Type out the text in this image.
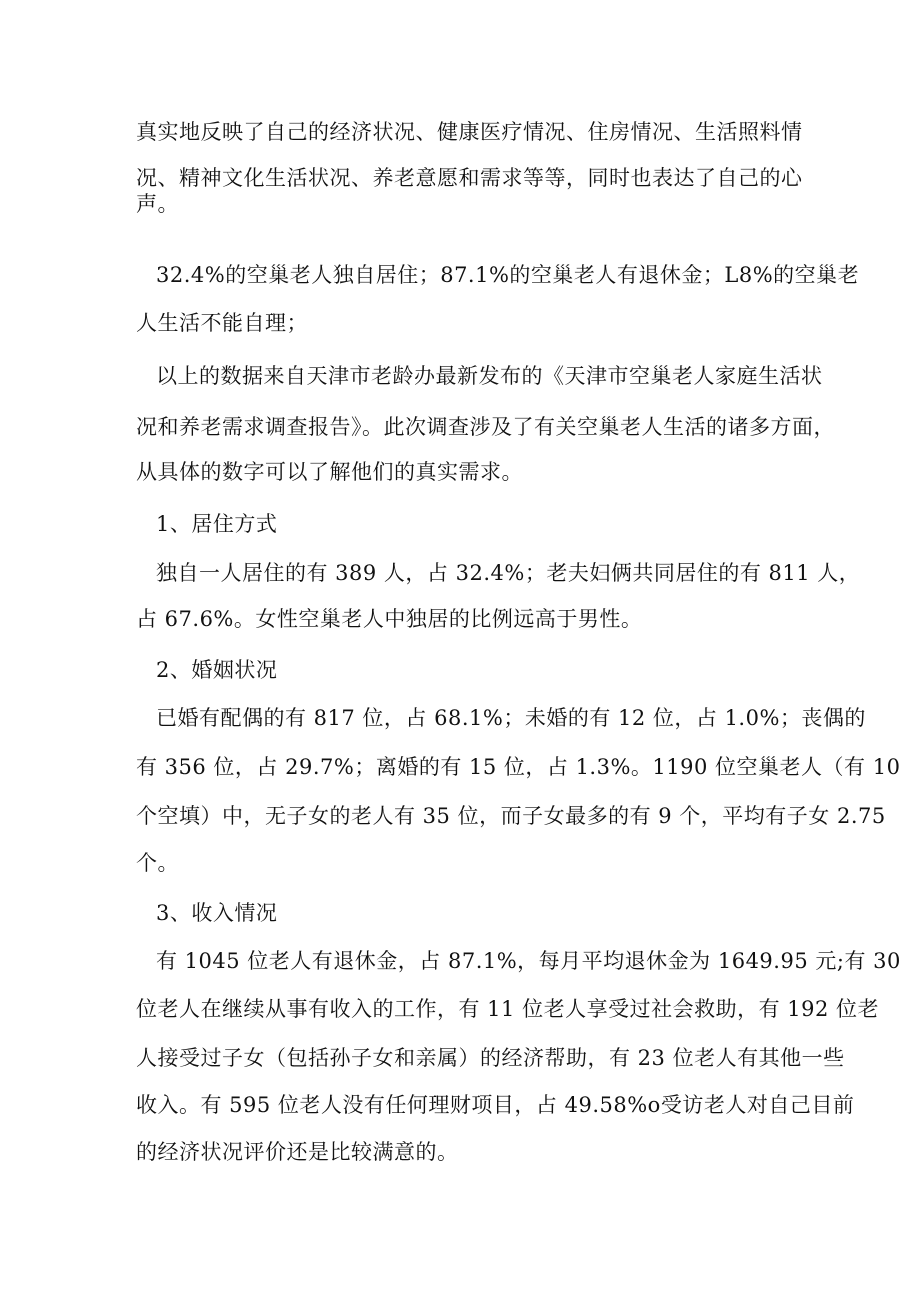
真实地反映了自己的经济状况、健康医疗情况、住房情况、生活照料情
况、精神文化生活状况、养老意愿和需求等等，同时也表达了自己的心
声。
32.4%的空巢老人独自居住；87.1%的空巢老人有退休金；L8%的空巢老
人生活不能自理；
以上的数据来自天津市老龄办最新发布的《天津市空巢老人家庭生活状
况和养老需求调查报告》。此次调查涉及了有关空巢老人生活的诸多方面，
从具体的数字可以了解他们的真实需求。
1、居住方式
独自一人居住的有 389 人，占 32.4%；老夫妇俩共同居住的有 811 人，
占 67.6%。女性空巢老人中独居的比例远高于男性。
2、婚姻状况
已婚有配偶的有 817 位，占 68.1%；未婚的有 12 位，占 1.0%；丧偶的
有 356 位，占 29.7%；离婚的有 15 位，占 1.3%。1190 位空巢老人（有 10
个空填）中，无子女的老人有 35 位，而子女最多的有 9 个，平均有子女 2.75
个。
3、收入情况
有 1045 位老人有退休金，占 87.1%，每月平均退休金为 1649.95 元;有 30
位老人在继续从事有收入的工作，有 11 位老人享受过社会救助，有 192 位老
人接受过子女（包括孙子女和亲属）的经济帮助，有 23 位老人有其他一些
收入。有 595 位老人没有任何理财项目，占 49.58%o受访老人对自己目前
的经济状况评价还是比较满意的。
